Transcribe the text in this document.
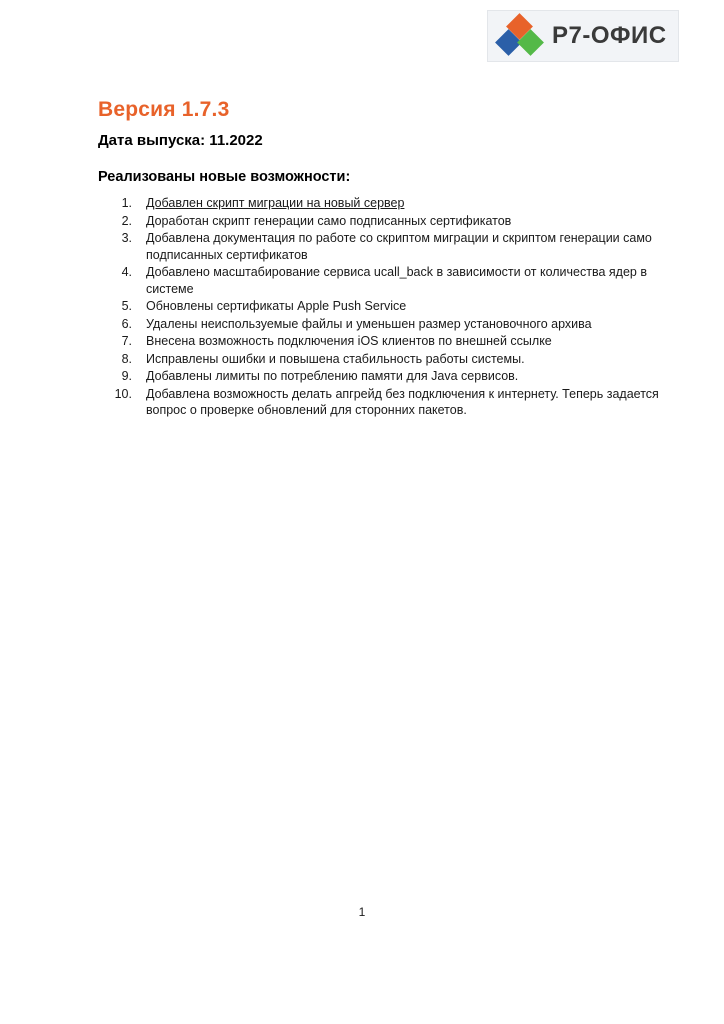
Р7-ОФИС
Версия 1.7.3
Дата выпуска: 11.2022
Реализованы новые возможности:
Добавлен скрипт миграции на новый сервер
Доработан скрипт генерации само подписанных сертификатов
Добавлена документация по работе со скриптом миграции и скриптом генерации само подписанных сертификатов
Добавлено масштабирование сервиса ucall_back в зависимости от количества ядер в системе
Обновлены сертификаты Apple Push Service
Удалены неиспользуемые файлы и уменьшен размер установочного архива
Внесена возможность подключения iOS клиентов по внешней ссылке
Исправлены ошибки и повышена стабильность работы системы.
Добавлены лимиты по потреблению памяти для Java сервисов.
Добавлена возможность делать апгрейд без подключения к интернету. Теперь задается вопрос о проверке обновлений для сторонних пакетов.
1
